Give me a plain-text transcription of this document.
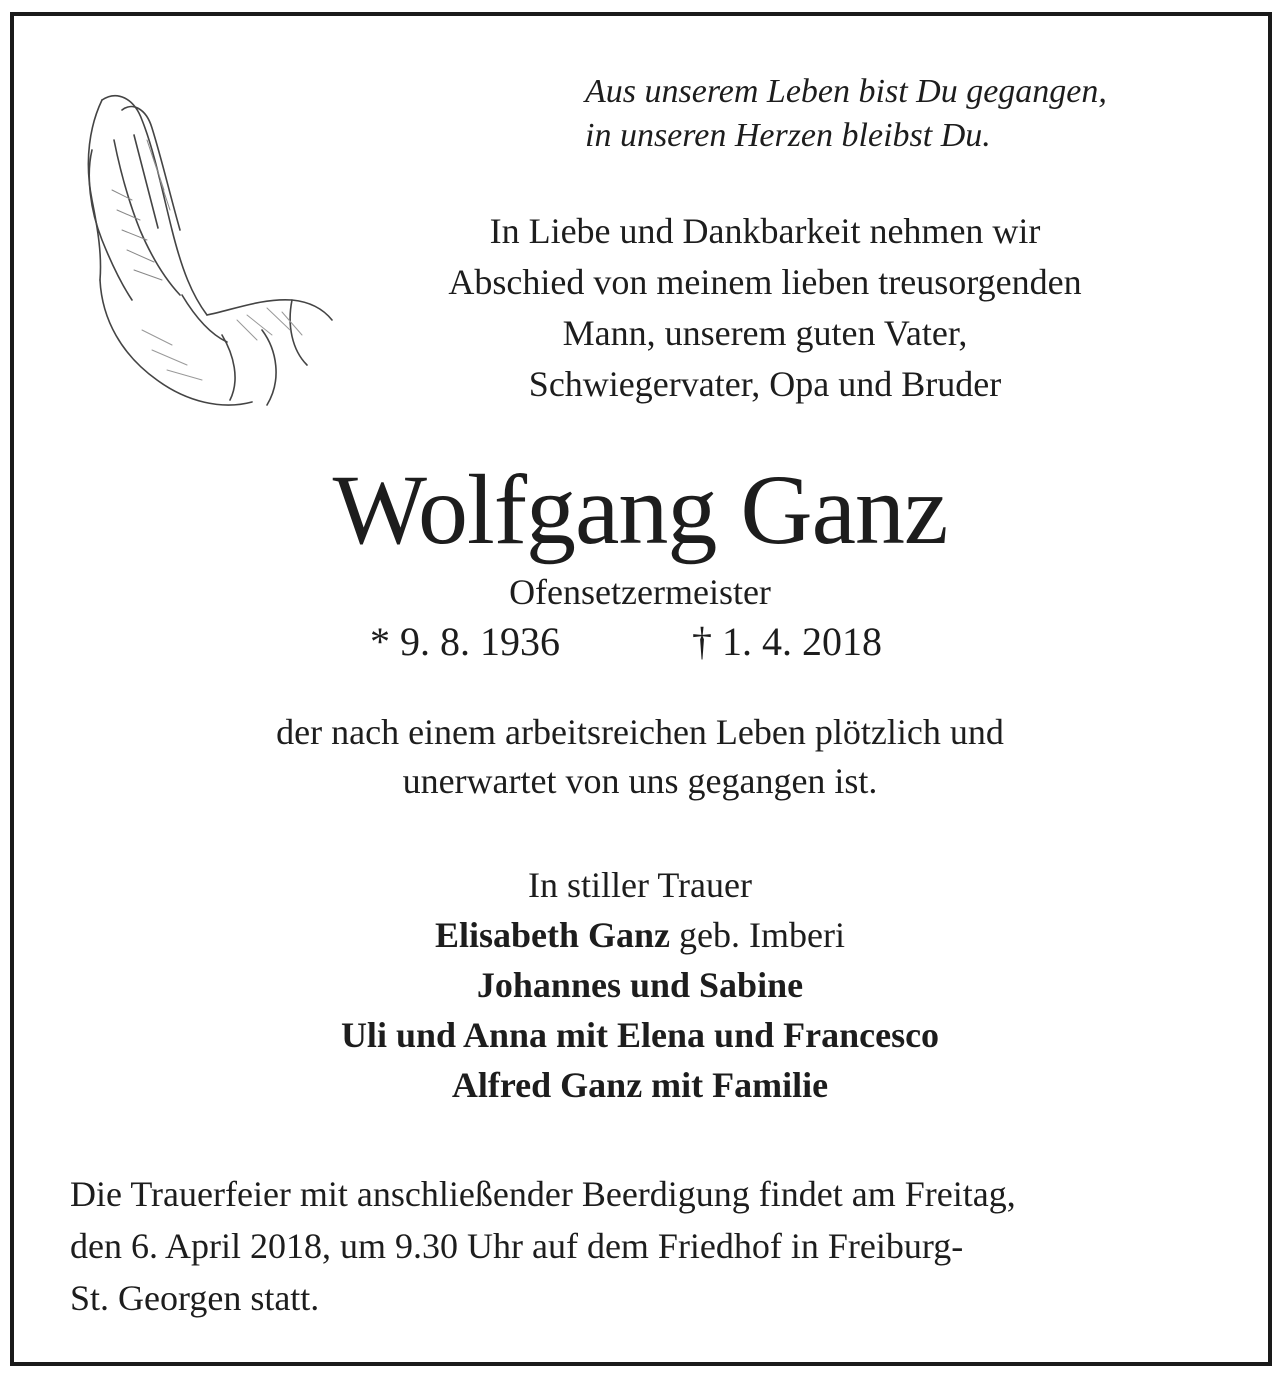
Aus unserem Leben bist Du gegangen,
in unseren Herzen bleibst Du.
In Liebe und Dankbarkeit nehmen wir
Abschied von meinem lieben treusorgenden
Mann, unserem guten Vater,
Schwiegervater, Opa und Bruder
Wolfgang Ganz
Ofensetzermeister
* 9. 8. 1936	† 1. 4. 2018
der nach einem arbeitsreichen Leben plötzlich und
unerwartet von uns gegangen ist.
In stiller Trauer
Elisabeth Ganz geb. Imberi
Johannes und Sabine
Uli und Anna mit Elena und Francesco
Alfred Ganz mit Familie
Die Trauerfeier mit anschließender Beerdigung findet am Freitag,
den 6. April 2018, um 9.30 Uhr auf dem Friedhof in Freiburg-
St. Georgen statt.
